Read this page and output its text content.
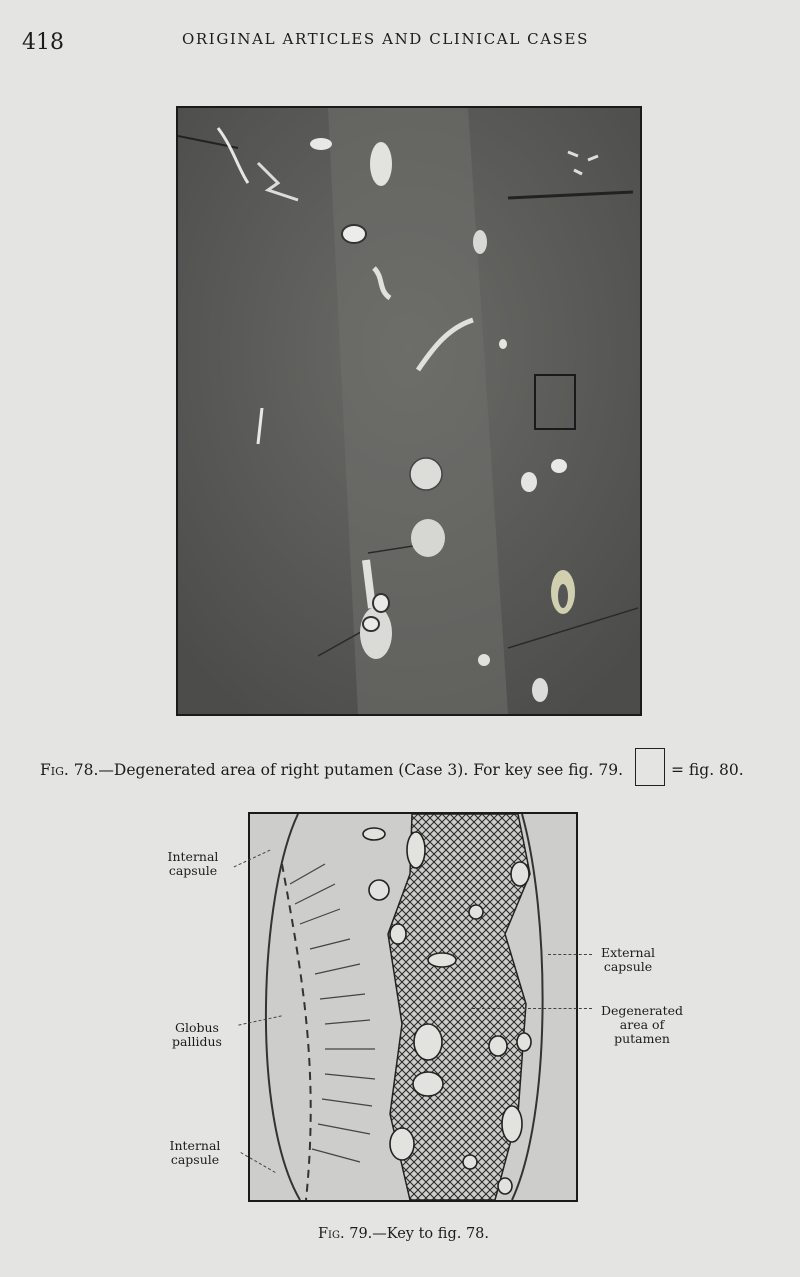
418	ORIGINAL ARTICLES AND CLINICAL CASES
Fig. 78.—Degenerated area of right putamen (Case 3). For key see fig. 79.	= fig. 80.
Internal capsule
Globus pallidus
Internal capsule
External capsule
Degenerated area of putamen
Fig. 79.—Key to fig. 78.
